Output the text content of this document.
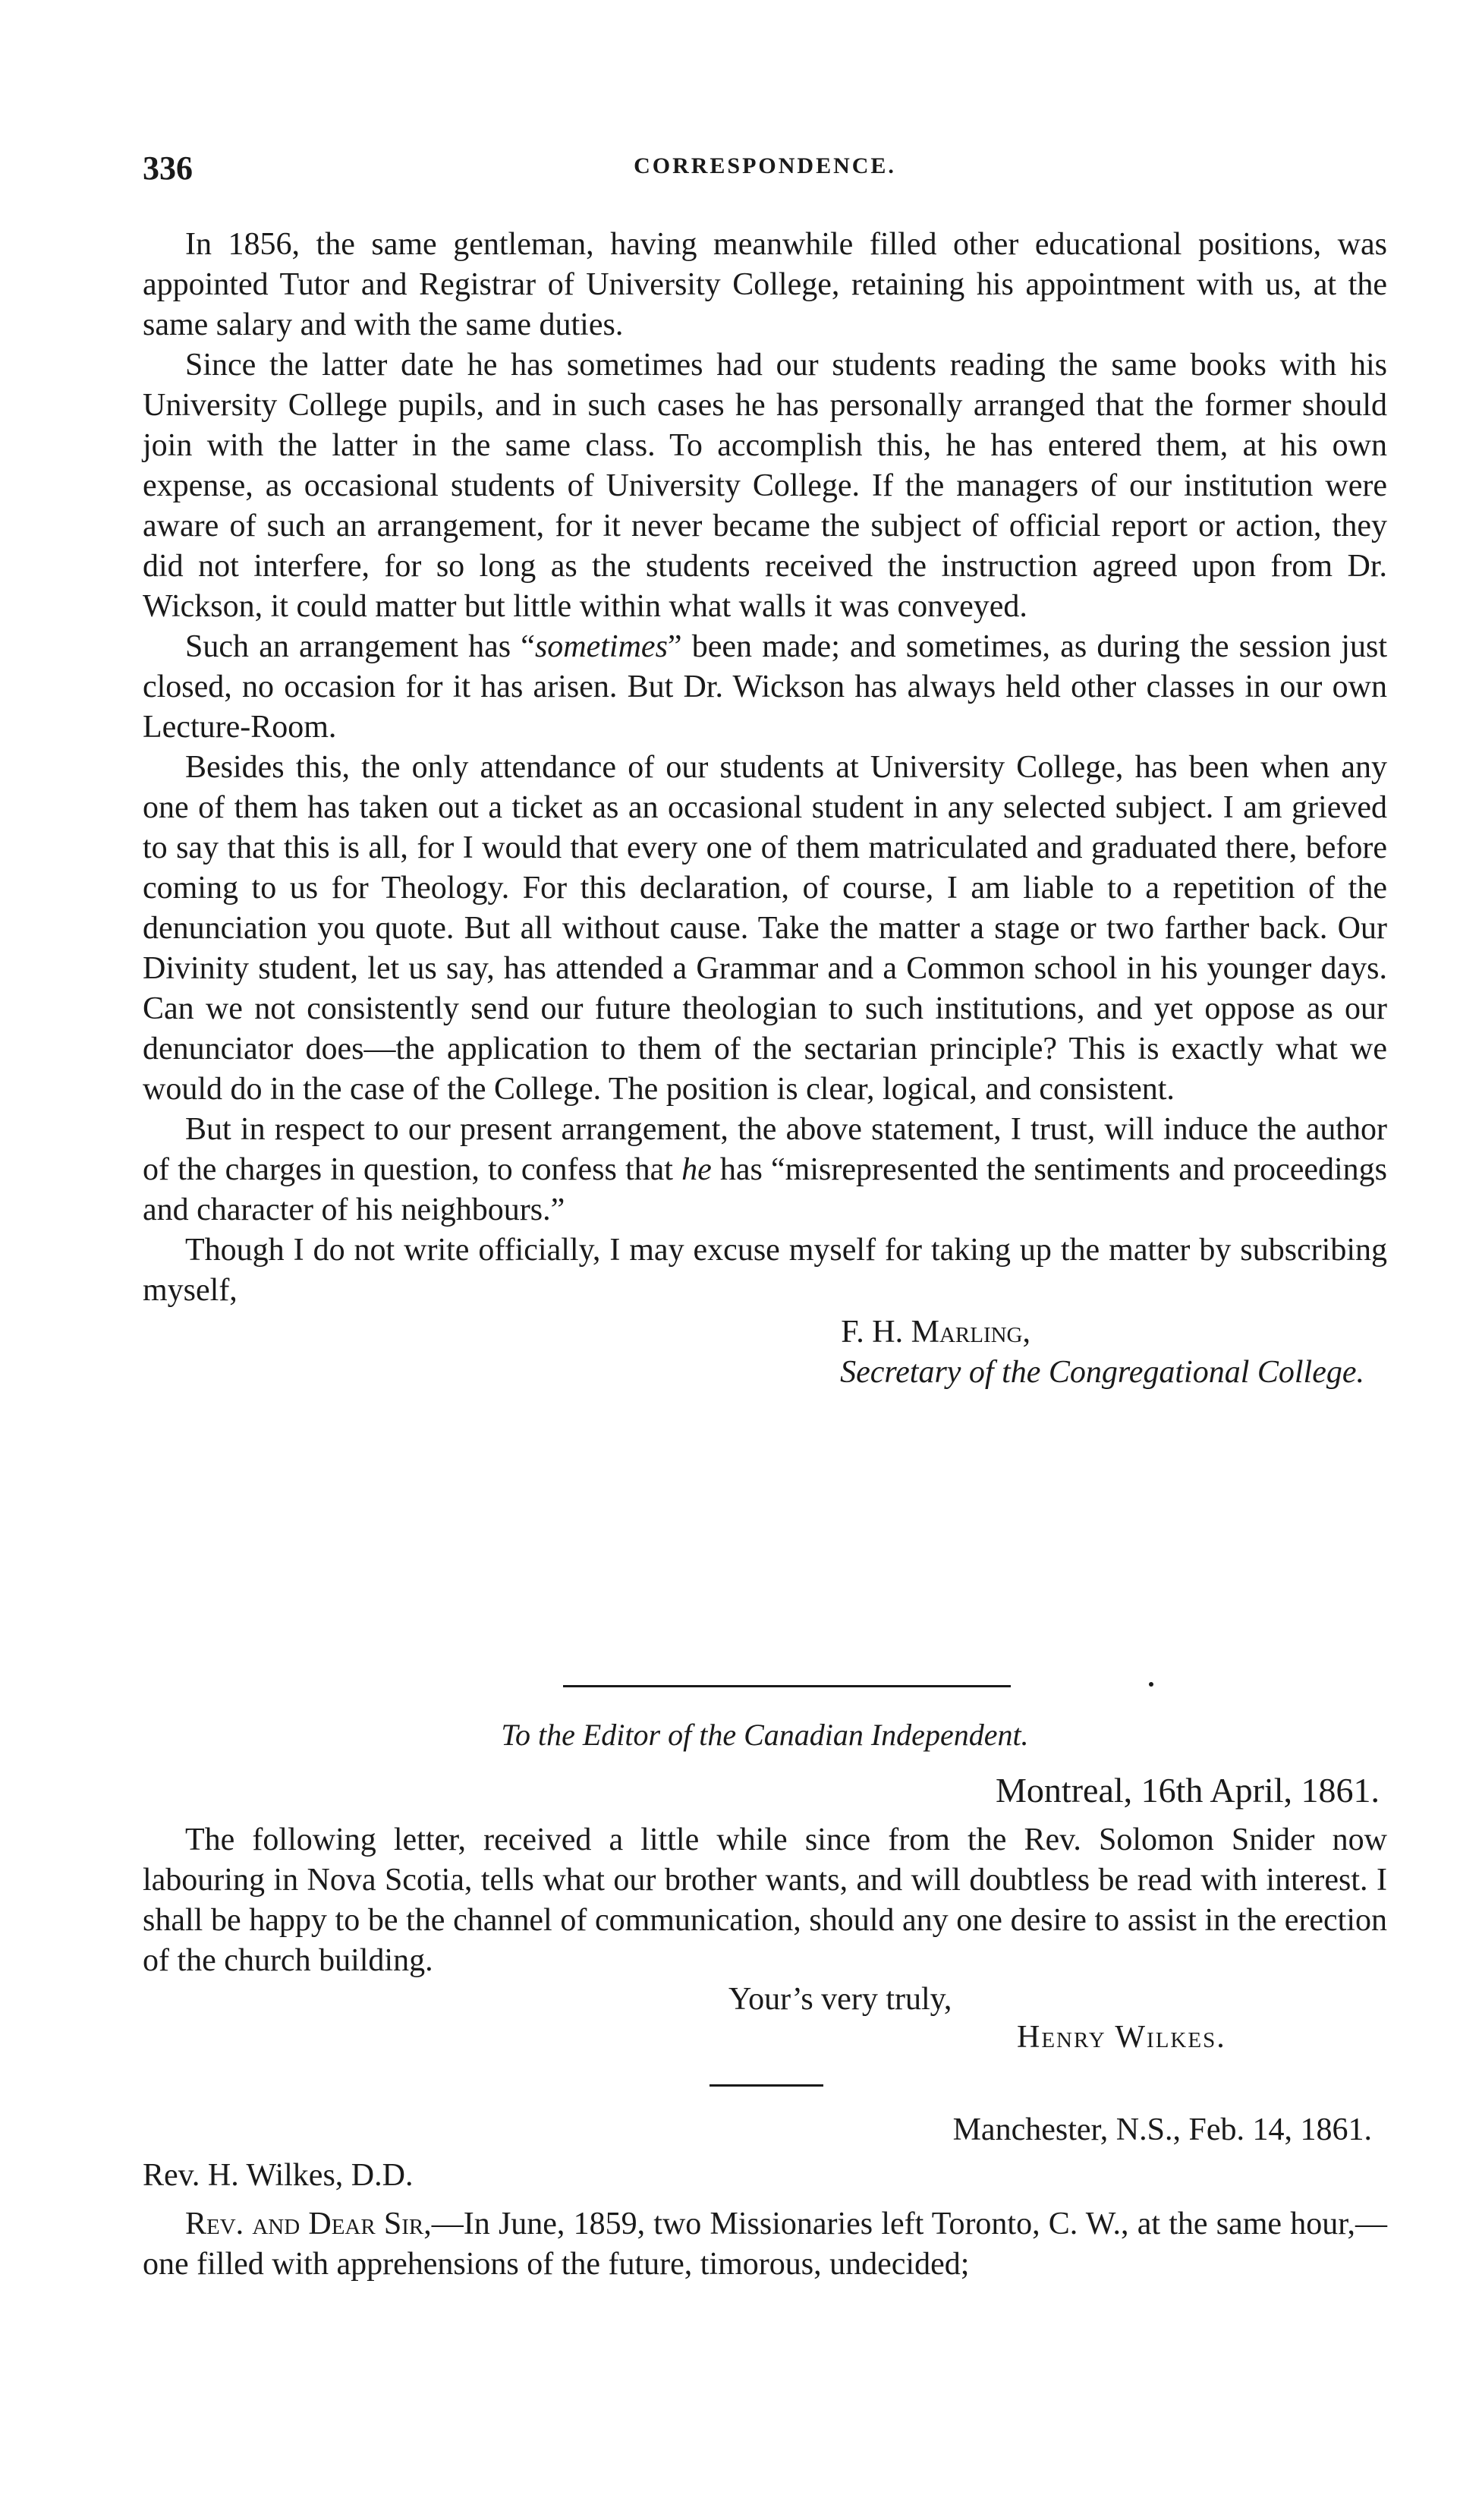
336	CORRESPONDENCE.

In 1856, the same gentleman, having meanwhile filled other educational positions, was appointed Tutor and Registrar of University College, retaining his appointment with us, at the same salary and with the same duties.

Since the latter date he has sometimes had our students reading the same books with his University College pupils, and in such cases he has personally arranged that the former should join with the latter in the same class. To accomplish this, he has entered them, at his own expense, as occasional students of University College. If the managers of our institution were aware of such an arrangement, for it never became the subject of official report or action, they did not interfere, for so long as the students received the instruction agreed upon from Dr. Wickson, it could matter but little within what walls it was conveyed.

Such an arrangement has “sometimes” been made; and sometimes, as during the session just closed, no occasion for it has arisen. But Dr. Wickson has always held other classes in our own Lecture-Room.

Besides this, the only attendance of our students at University College, has been when any one of them has taken out a ticket as an occasional student in any selected subject. I am grieved to say that this is all, for I would that every one of them matriculated and graduated there, before coming to us for Theology. For this declaration, of course, I am liable to a repetition of the denunciation you quote. But all without cause. Take the matter a stage or two farther back. Our Divinity student, let us say, has attended a Grammar and a Common school in his younger days. Can we not consistently send our future theologian to such institutions, and yet oppose as our denunciator does—the application to them of the sectarian principle? This is exactly what we would do in the case of the College. The position is clear, logical, and consistent.

But in respect to our present arrangement, the above statement, I trust, will induce the author of the charges in question, to confess that he has “misrepresented the sentiments and proceedings and character of his neighbours.”

Though I do not write officially, I may excuse myself for taking up the matter by subscribing myself,

F. H. Marling,

Secretary of the Congregational College.

To the Editor of the Canadian Independent.
Montreal, 16th April, 1861.

The following letter, received a little while since from the Rev. Solomon Snider now labouring in Nova Scotia, tells what our brother wants, and will doubtless be read with interest. I shall be happy to be the channel of communication, should any one desire to assist in the erection of the church building.

Your’s very truly,
Henry Wilkes.
Manchester, N.S., Feb. 14, 1861.
Rev. H. Wilkes, D.D.

Rev. and Dear Sir,—In June, 1859, two Missionaries left Toronto, C. W., at the same hour,—one filled with apprehensions of the future, timorous, undecided;
